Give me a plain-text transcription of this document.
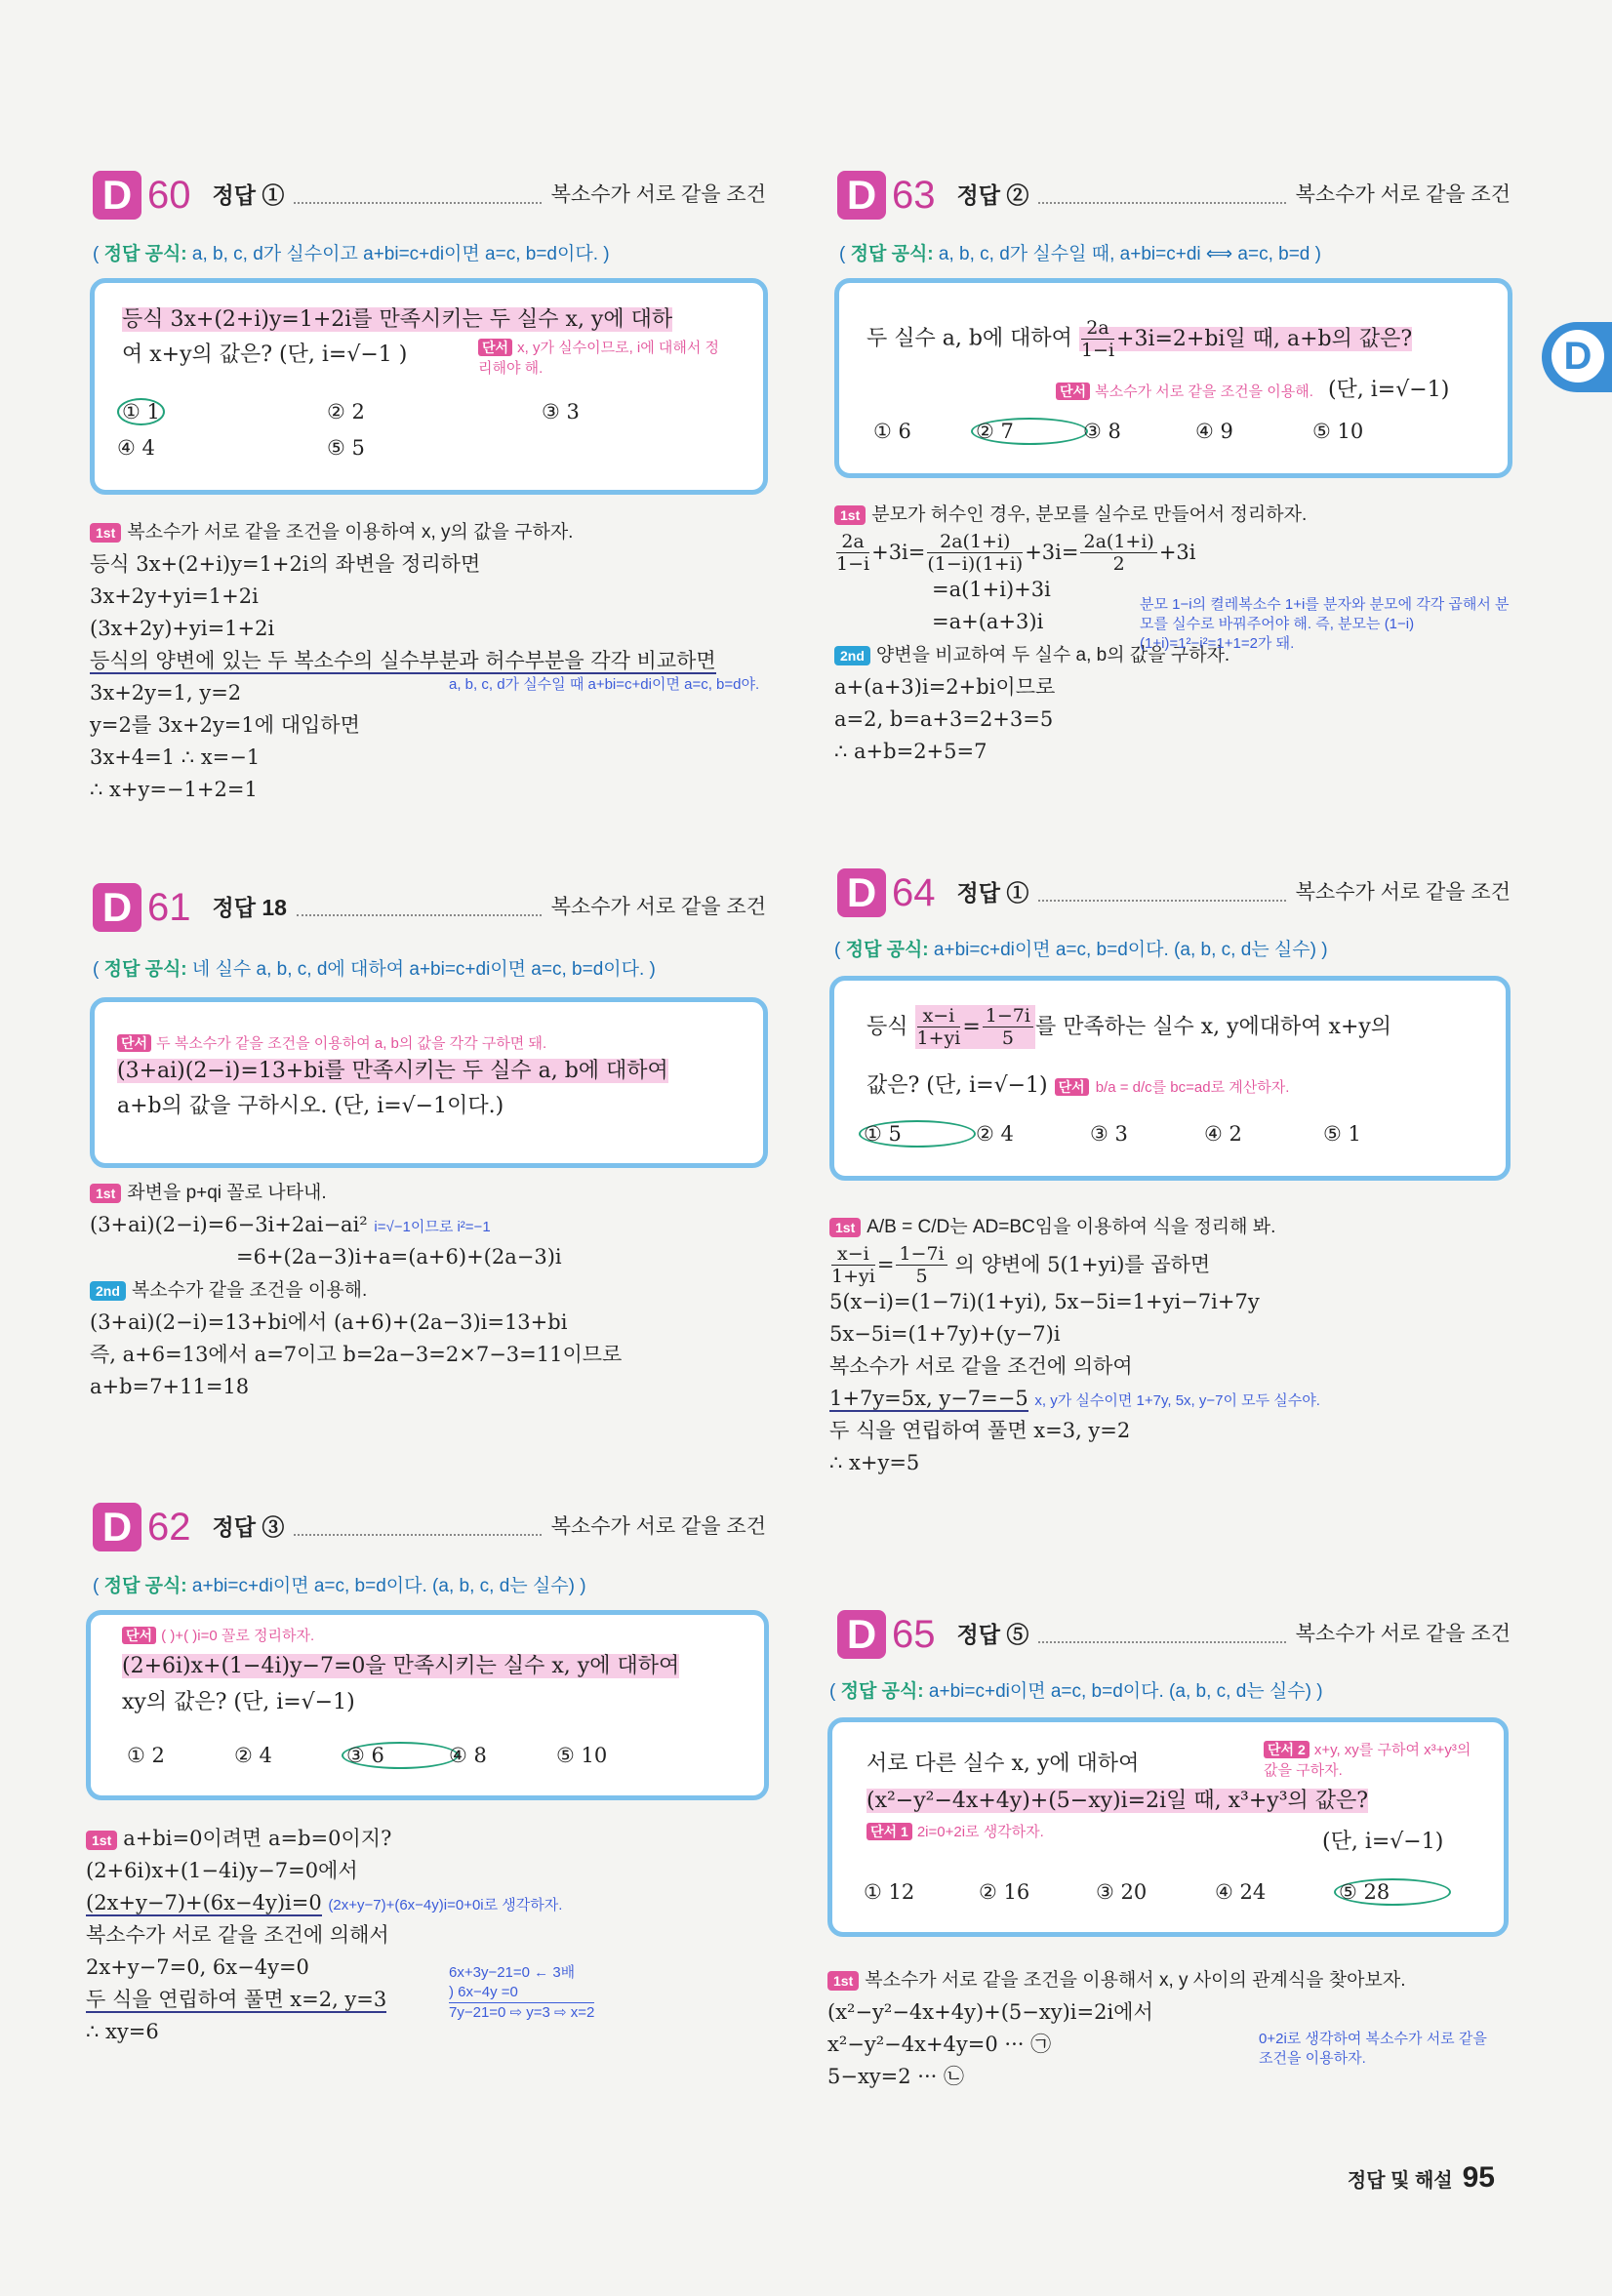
D
D 60 정답 ①	복소수가 서로 같을 조건
( 정답 공식: a, b, c, d가 실수이고 a+bi=c+di이면 a=c, b=d이다. )
등식 3x+(2+i)y=1+2i를 만족시키는 두 실수 x, y에 대하
여 x+y의 값은? (단, i=√−1 )	단서 x, y가 실수이므로, i에 대해서 정리해야 해.
① 1	② 2	③ 3
④ 4	⑤ 5
1st 복소수가 서로 같을 조건을 이용하여 x, y의 값을 구하자.
등식 3x+(2+i)y=1+2i의 좌변을 정리하면
3x+2y+yi=1+2i
(3x+2y)+yi=1+2i
등식의 양변에 있는 두 복소수의 실수부분과 허수부분을 각각 비교하면
3x+2y=1, y=2
y=2를 3x+2y=1에 대입하면
3x+4=1 ∴ x=−1
∴ x+y=−1+2=1
a, b, c, d가 실수일 때 a+bi=c+di이면 a=c, b=d야.
D 61 정답 18	복소수가 서로 같을 조건
( 정답 공식: 네 실수 a, b, c, d에 대하여 a+bi=c+di이면 a=c, b=d이다. )
단서 두 복소수가 같을 조건을 이용하여 a, b의 값을 각각 구하면 돼.
(3+ai)(2−i)=13+bi를 만족시키는 두 실수 a, b에 대하여
a+b의 값을 구하시오. (단, i=√−1이다.)
1st 좌변을 p+qi 꼴로 나타내.
(3+ai)(2−i)=6−3i+2ai−ai² i=√−1이므로 i²=−1
=6+(2a−3)i+a=(a+6)+(2a−3)i
2nd 복소수가 같을 조건을 이용해.
(3+ai)(2−i)=13+bi에서 (a+6)+(2a−3)i=13+bi
즉, a+6=13에서 a=7이고 b=2a−3=2×7−3=11이므로
a+b=7+11=18
D 62 정답 ③	복소수가 서로 같을 조건
( 정답 공식: a+bi=c+di이면 a=c, b=d이다. (a, b, c, d는 실수) )
단서 ( )+( )i=0 꼴로 정리하자.
(2+6i)x+(1−4i)y−7=0을 만족시키는 실수 x, y에 대하여
xy의 값은? (단, i=√−1)
① 2	② 4	③ 6	④ 8	⑤ 10
1st a+bi=0이려면 a=b=0이지?
(2+6i)x+(1−4i)y−7=0에서
(2x+y−7)+(6x−4y)i=0 (2x+y−7)+(6x−4y)i=0+0i로 생각하자.
복소수가 서로 같을 조건에 의해서
2x+y−7=0, 6x−4y=0
두 식을 연립하여 풀면 x=2, y=3
∴ xy=6
6x+3y−21=0 ← 3배
) 6x−4y =0
7y−21=0 ⇨ y=3 ⇨ x=2
D 63 정답 ②	복소수가 서로 같을 조건
( 정답 공식: a, b, c, d가 실수일 때, a+bi=c+di ⟺ a=c, b=d )
두 실수 a, b에 대하여 $\frac{2a}{1-i} +3i=2+bi$일 때, a+b의 값은?
단서 복소수가 서로 같을 조건을 이용해. (단, i=√−1)
① 6	② 7	③ 8	④ 9	⑤ 10
1st 분모가 허수인 경우, 분모를 실수로 만들어서 정리하자.
$\frac{2a}{1-i} +3i= \frac{2a(1+i)}{(1-i)(1+i)} +3i= \frac{2a(1+i)}{2} +3i$
=a(1+i)+3i
=a+(a+3)i
2nd 양변을 비교하여 두 실수 a, b의 값을 구하자.
a+(a+3)i=2+bi이므로
a=2, b=a+3=2+3=5
∴ a+b=2+5=7
분모 1−i의 켤레복소수 1+i를 분자와 분모에 각각 곱해서 분모를 실수로 바꿔주어야 해. 즉, 분모는 (1−i)(1+i)=1²−i²=1+1=2가 돼.
D 64 정답 ①	복소수가 서로 같을 조건
( 정답 공식: a+bi=c+di이면 a=c, b=d이다. (a, b, c, d는 실수) )
등식
$\frac{x-i}{1+yi} = \frac{1-7i}{5}$ 를 만족하는 실수 x, y에대하여 x+y의
값은? (단, i=√−1) 단서 b/a = d/c를 bc=ad로 계산하자.
① 5	② 4	③ 3	④ 2	⑤ 1
1st A/B = C/D는 AD=BC임을 이용하여 식을 정리해 봐.
$\frac{x-i}{1+yi} = \frac{1-7i}{5}$ 의 양변에 5(1+yi)를 곱하면
5(x−i)=(1−7i)(1+yi), 5x−5i=1+yi−7i+7y
5x−5i=(1+7y)+(y−7)i
복소수가 서로 같을 조건에 의하여
1+7y=5x, y−7=−5 x, y가 실수이면 1+7y, 5x, y−7이 모두 실수야.
두 식을 연립하여 풀면 x=3, y=2
∴ x+y=5
D 65 정답 ⑤	복소수가 서로 같을 조건
( 정답 공식: a+bi=c+di이면 a=c, b=d이다. (a, b, c, d는 실수) )
서로 다른 실수 x, y에 대하여
단서 2 x+y, xy를 구하여 x³+y³의 값을 구하자.
(x²−y²−4x+4y)+(5−xy)i=2i일 때, x³+y³의 값은?
단서 1 2i=0+2i로 생각하자.	(단, i=√−1)
① 12	② 16	③ 20	④ 24	⑤ 28
1st 복소수가 서로 같을 조건을 이용해서 x, y 사이의 관계식을 찾아보자.
(x²−y²−4x+4y)+(5−xy)i=2i에서
x²−y²−4x+4y=0 ··· ㉠
5−xy=2 ··· ㉡
0+2i로 생각하여 복소수가 서로 같을 조건을 이용하자.
정답 및 해설 95
